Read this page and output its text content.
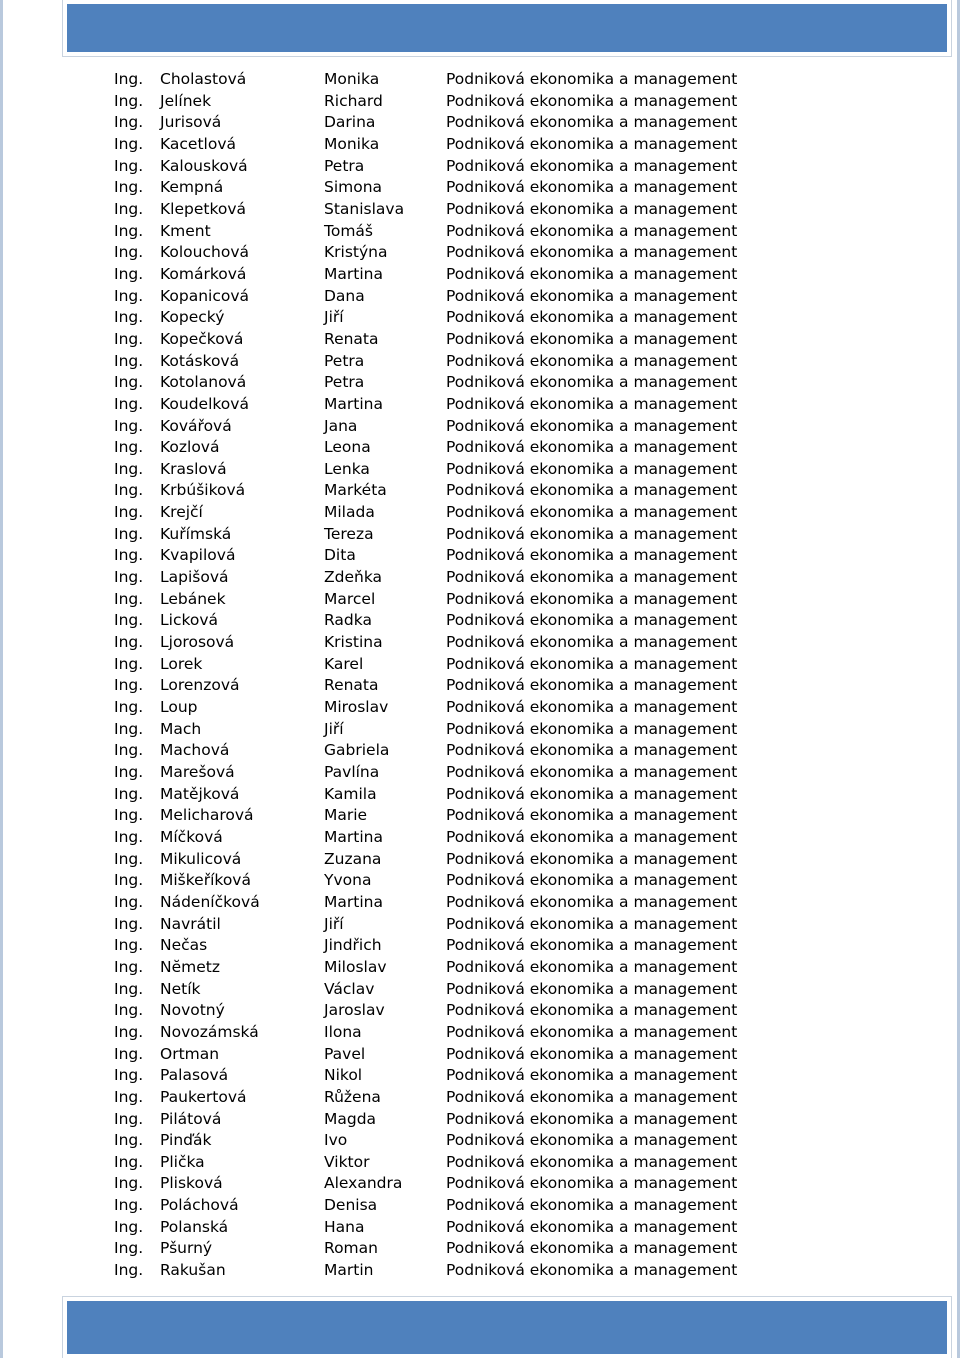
Ing. Cholastová	Monika	Podniková ekonomika a management
Ing. Jelínek	Richard	Podniková ekonomika a management
Ing. Jurisová	Darina	Podniková ekonomika a management
Ing. Kacetlová	Monika	Podniková ekonomika a management
Ing. Kalousková	Petra	Podniková ekonomika a management
Ing. Kempná	Simona	Podniková ekonomika a management
Ing. Klepetková	Stanislava	Podniková ekonomika a management
Ing. Kment	Tomáš	Podniková ekonomika a management
Ing. Kolouchová	Kristýna	Podniková ekonomika a management
Ing. Komárková	Martina	Podniková ekonomika a management
Ing. Kopanicová	Dana	Podniková ekonomika a management
Ing. Kopecký	Jiří	Podniková ekonomika a management
Ing. Kopečková	Renata	Podniková ekonomika a management
Ing. Kotásková	Petra	Podniková ekonomika a management
Ing. Kotolanová	Petra	Podniková ekonomika a management
Ing. Koudelková	Martina	Podniková ekonomika a management
Ing. Kovářová	Jana	Podniková ekonomika a management
Ing. Kozlová	Leona	Podniková ekonomika a management
Ing. Kraslová	Lenka	Podniková ekonomika a management
Ing. Krbúšiková	Markéta	Podniková ekonomika a management
Ing. Krejčí	Milada	Podniková ekonomika a management
Ing. Kuřímská	Tereza	Podniková ekonomika a management
Ing. Kvapilová	Dita	Podniková ekonomika a management
Ing. Lapišová	Zdeňka	Podniková ekonomika a management
Ing. Lebánek	Marcel	Podniková ekonomika a management
Ing. Licková	Radka	Podniková ekonomika a management
Ing. Ljorosová	Kristina	Podniková ekonomika a management
Ing. Lorek	Karel	Podniková ekonomika a management
Ing. Lorenzová	Renata	Podniková ekonomika a management
Ing. Loup	Miroslav	Podniková ekonomika a management
Ing. Mach	Jiří	Podniková ekonomika a management
Ing. Machová	Gabriela	Podniková ekonomika a management
Ing. Marešová	Pavlína	Podniková ekonomika a management
Ing. Matějková	Kamila	Podniková ekonomika a management
Ing. Melicharová	Marie	Podniková ekonomika a management
Ing. Míčková	Martina	Podniková ekonomika a management
Ing. Mikulicová	Zuzana	Podniková ekonomika a management
Ing. Miškeříková	Yvona	Podniková ekonomika a management
Ing. Nádeníčková	Martina	Podniková ekonomika a management
Ing. Navrátil	Jiří	Podniková ekonomika a management
Ing. Nečas	Jindřich	Podniková ekonomika a management
Ing. Nĕmetz	Miloslav	Podniková ekonomika a management
Ing. Netík	Václav	Podniková ekonomika a management
Ing. Novotný	Jaroslav	Podniková ekonomika a management
Ing. Novozámská	Ilona	Podniková ekonomika a management
Ing. Ortman	Pavel	Podniková ekonomika a management
Ing. Palasová	Nikol	Podniková ekonomika a management
Ing. Paukertová	Růžena	Podniková ekonomika a management
Ing. Pilátová	Magda	Podniková ekonomika a management
Ing. Pinďák	Ivo	Podniková ekonomika a management
Ing. Plička	Viktor	Podniková ekonomika a management
Ing. Plisková	Alexandra	Podniková ekonomika a management
Ing. Poláchová	Denisa	Podniková ekonomika a management
Ing. Polanská	Hana	Podniková ekonomika a management
Ing. Pšurný	Roman	Podniková ekonomika a management
Ing. Rakušan	Martin	Podniková ekonomika a management
